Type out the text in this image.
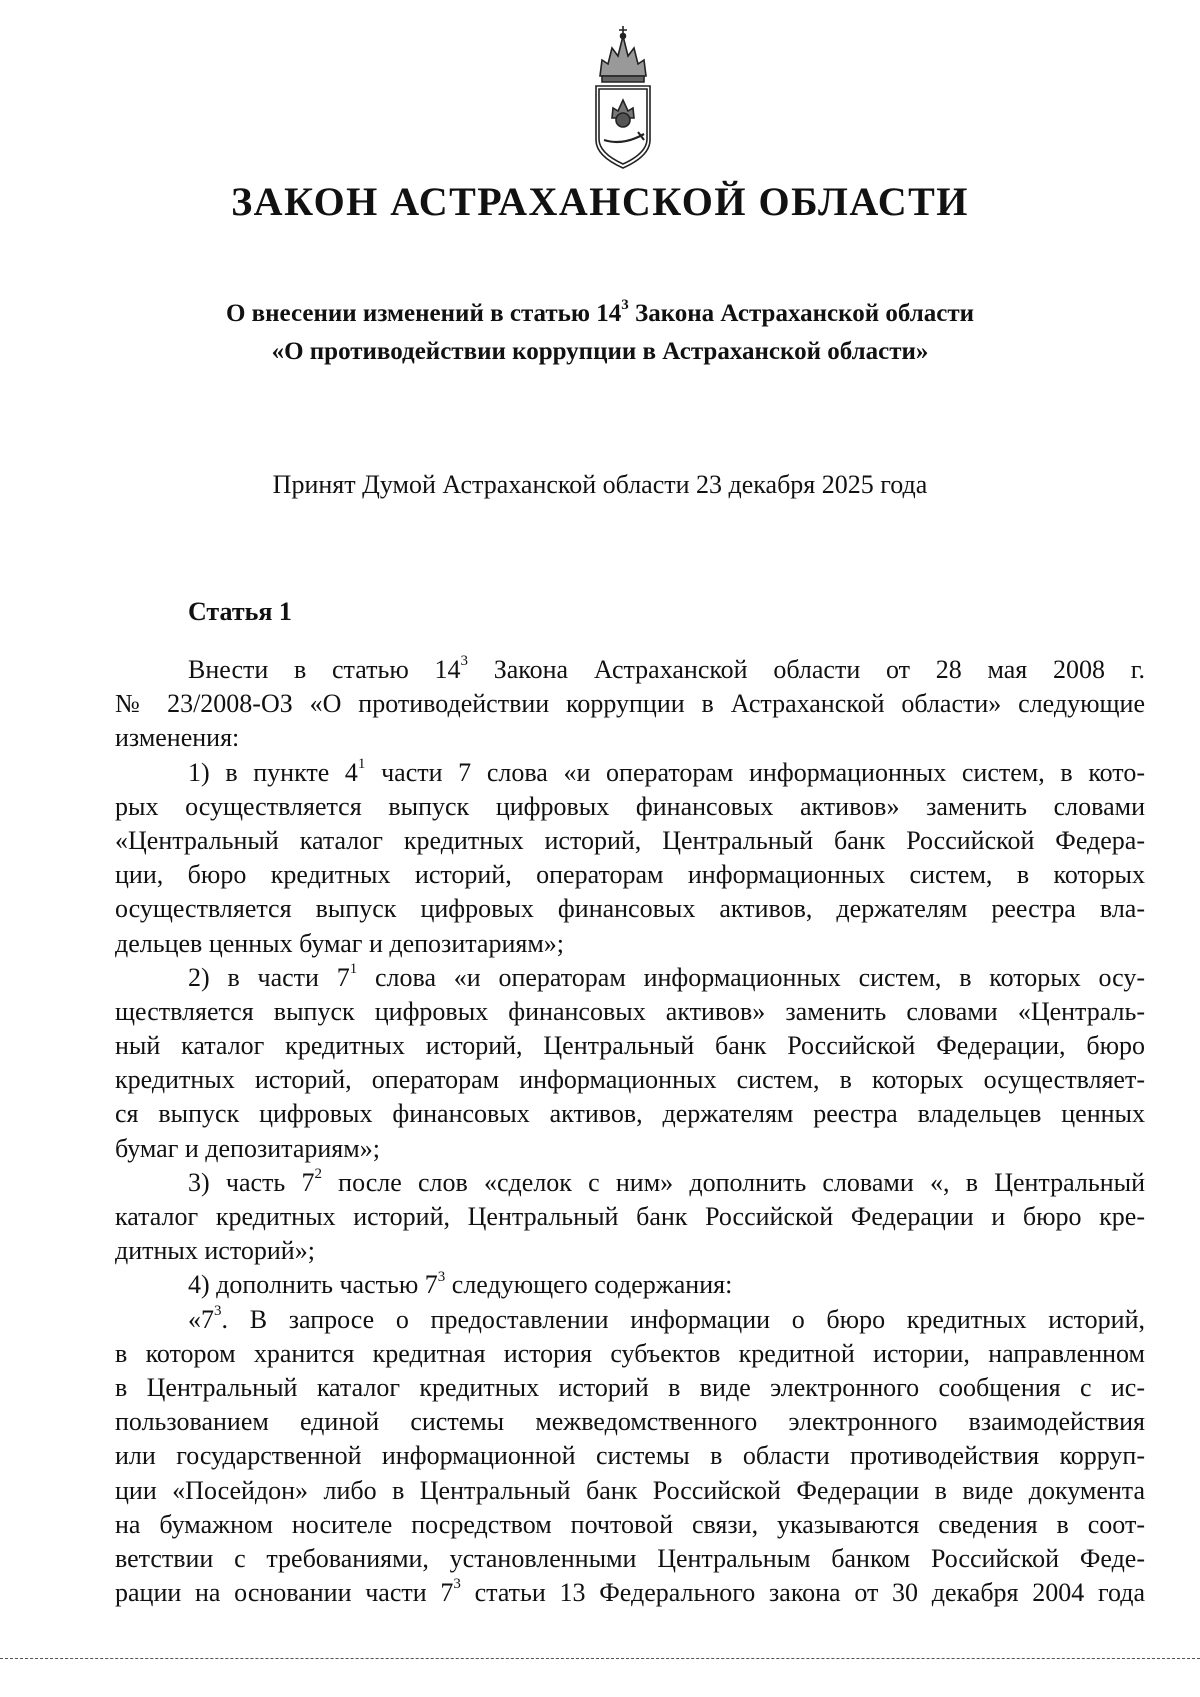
ЗАКОН АСТРАХАНСКОЙ ОБЛАСТИ
О внесении изменений в статью $14^3$ Закона Астраханской области
«О противодействии коррупции в Астраханской области»
Принят Думой Астраханской области 23 декабря 2025 года
Статья 1
Внести в статью $14^3$ Закона Астраханской области от 28 мая 2008 г.
№ 23/2008-ОЗ «О противодействии коррупции в Астраханской области» следующие
изменения:
1) в пункте $4^1$ части 7 слова «и операторам информационных систем, в кото-
рых осуществляется выпуск цифровых финансовых активов» заменить словами
«Центральный каталог кредитных историй, Центральный банк Российской Федера-
ции, бюро кредитных историй, операторам информационных систем, в которых
осуществляется выпуск цифровых финансовых активов, держателям реестра вла-
дельцев ценных бумаг и депозитариям»;
2) в части $7^1$ слова «и операторам информационных систем, в которых осу-
ществляется выпуск цифровых финансовых активов» заменить словами «Централь-
ный каталог кредитных историй, Центральный банк Российской Федерации, бюро
кредитных историй, операторам информационных систем, в которых осуществляет-
ся выпуск цифровых финансовых активов, держателям реестра владельцев ценных
бумаг и депозитариям»;
3) часть $7^2$ после слов «сделок с ним» дополнить словами «, в Центральный
каталог кредитных историй, Центральный банк Российской Федерации и бюро кре-
дитных историй»;
4) дополнить частью $7^3$ следующего содержания:
«$7^3$. В запросе о предоставлении информации о бюро кредитных историй,
в котором хранится кредитная история субъектов кредитной истории, направленном
в Центральный каталог кредитных историй в виде электронного сообщения с ис-
пользованием единой системы межведомственного электронного взаимодействия
или государственной информационной системы в области противодействия корруп-
ции «Посейдон» либо в Центральный банк Российской Федерации в виде документа
на бумажном носителе посредством почтовой связи, указываются сведения в соот-
ветствии с требованиями, установленными Центральным банком Российской Феде-
рации на основании части $7^3$ статьи 13 Федерального закона от 30 декабря 2004 года
